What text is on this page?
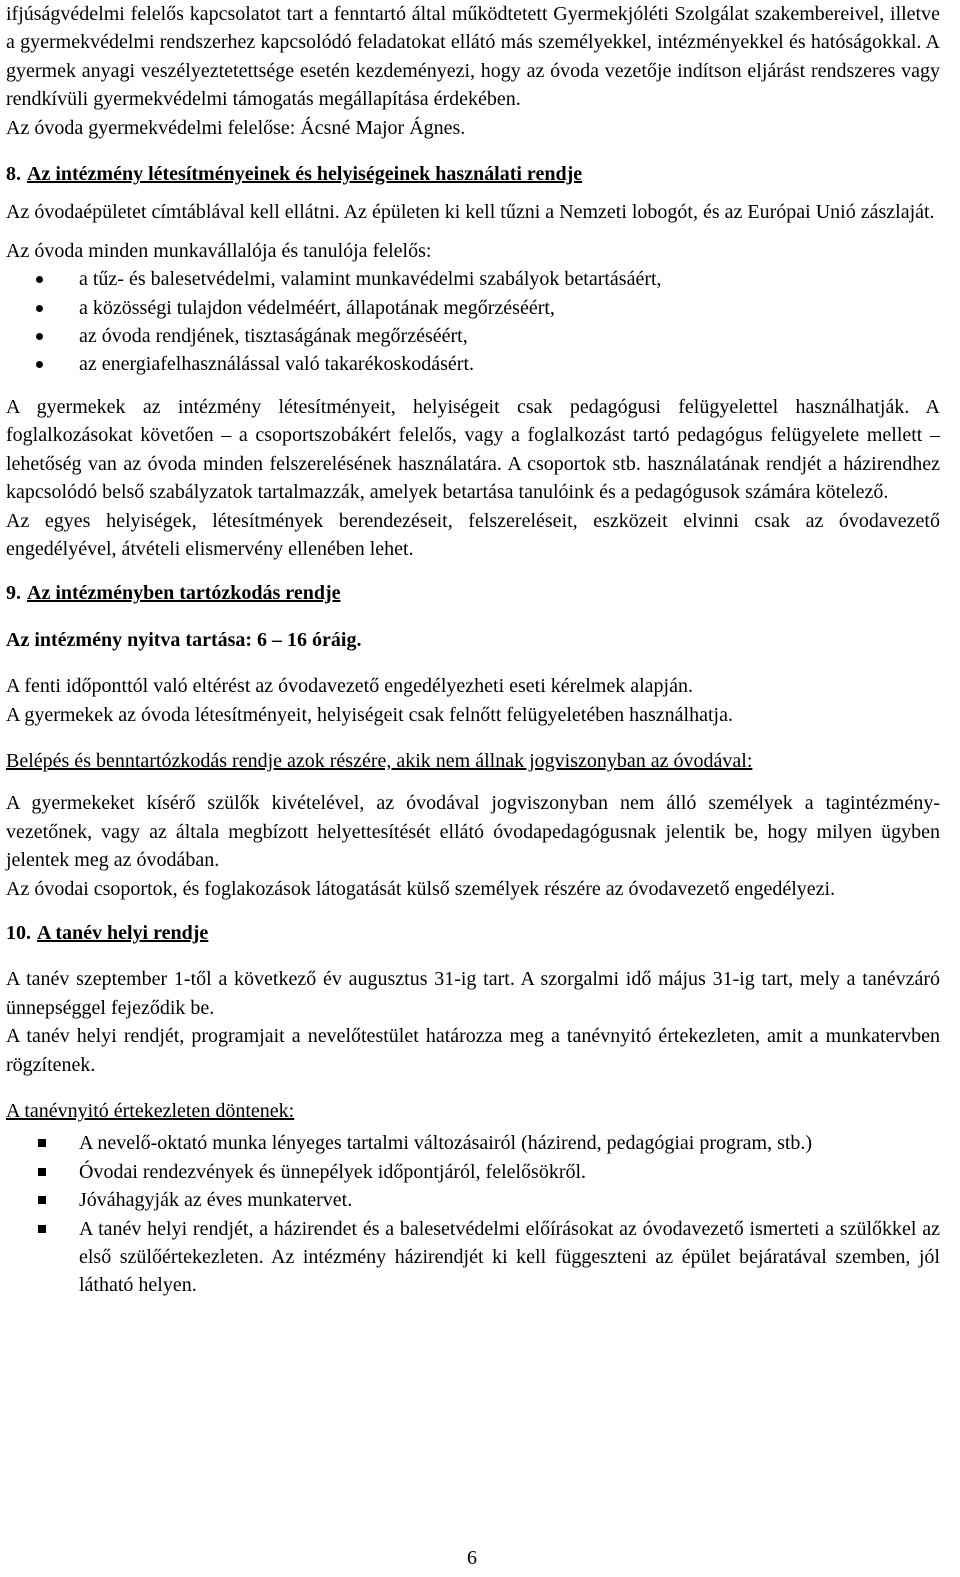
ifjúságvédelmi felelős kapcsolatot tart a fenntartó által működtetett Gyermekjóléti Szolgálat szakembereivel, illetve a gyermekvédelmi rendszerhez kapcsolódó feladatokat ellátó más személyekkel, intézményekkel és hatóságokkal. A gyermek anyagi veszélyeztetettsége esetén kezdeményezi, hogy az óvoda vezetője indítson eljárást rendszeres vagy rendkívüli gyermekvédelmi támogatás megállapítása érdekében.

Az óvoda gyermekvédelmi felelőse: Ácsné Major Ágnes.

8. Az intézmény létesítményeinek és helyiségeinek használati rendje

Az óvodaépületet címtáblával kell ellátni. Az épületen ki kell tűzni a Nemzeti lobogót, és az Európai Unió zászlaját.

Az óvoda minden munkavállalója és tanulója felelős:

a tűz- és balesetvédelmi, valamint munkavédelmi szabályok betartásáért,
a közösségi tulajdon védelméért, állapotának megőrzéséért,
az óvoda rendjének, tisztaságának megőrzéséért,
az energiafelhasználással való takarékoskodásért.

A gyermekek az intézmény létesítményeit, helyiségeit csak pedagógusi felügyelettel használhatják. A foglalkozásokat követően – a csoportszobákért felelős, vagy a foglalkozást tartó pedagógus felügyelete mellett – lehetőség van az óvoda minden felszerelésének használatára. A csoportok stb. használatának rendjét a házirendhez kapcsolódó belső szabályzatok tartalmazzák, amelyek betartása tanulóink és a pedagógusok számára kötelező.

Az egyes helyiségek, létesítmények berendezéseit, felszereléseit, eszközeit elvinni csak az óvodavezető engedélyével, átvételi elismervény ellenében lehet.

9. Az intézményben tartózkodás rendje

Az intézmény nyitva tartása: 6 – 16 óráig.

A fenti időponttól való eltérést az óvodavezető engedélyezheti eseti kérelmek alapján.

A gyermekek az óvoda létesítményeit, helyiségeit csak felnőtt felügyeletében használhatja.

Belépés és benntartózkodás rendje azok részére, akik nem állnak jogviszonyban az óvodával:

A gyermekeket kísérő szülők kivételével, az óvodával jogviszonyban nem álló személyek a tagintézmény-vezetőnek, vagy az általa megbízott helyettesítését ellátó óvodapedagógusnak jelentik be, hogy milyen ügyben jelentek meg az óvodában.

Az óvodai csoportok, és foglakozások látogatását külső személyek részére az óvodavezető engedélyezi.

10. A tanév helyi rendje

A tanév szeptember 1-től a következő év augusztus 31-ig tart. A szorgalmi idő május 31-ig tart, mely a tanévzáró ünnepséggel fejeződik be.

A tanév helyi rendjét, programjait a nevelőtestület határozza meg a tanévnyitó értekezleten, amit a munkatervben rögzítenek.

A tanévnyitó értekezleten döntenek:

A nevelő-oktató munka lényeges tartalmi változásairól (házirend, pedagógiai program, stb.)
Óvodai rendezvények és ünnepélyek időpontjáról, felelősökről.
Jóváhagyják az éves munkatervet.
A tanév helyi rendjét, a házirendet és a balesetvédelmi előírásokat az óvodavezető ismerteti a szülőkkel az első szülőértekezleten. Az intézmény házirendjét ki kell függeszteni az épület bejáratával szemben, jól látható helyen.
6
